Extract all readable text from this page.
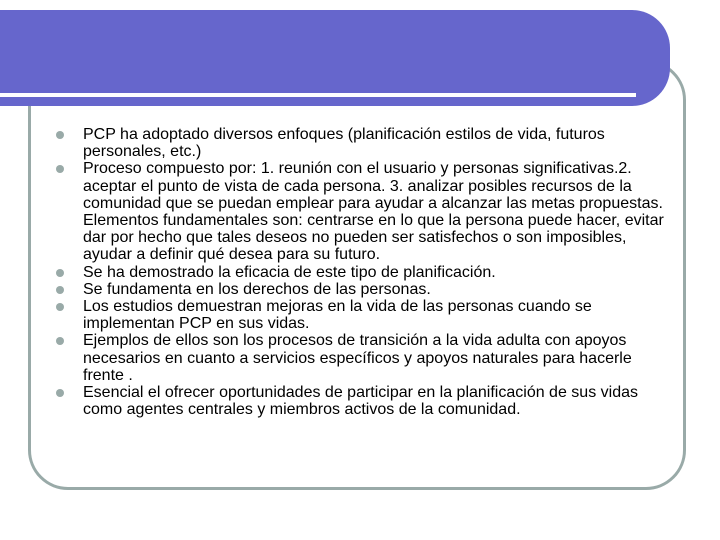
PCP ha adoptado diversos enfoques (planificación estilos de vida, futuros personales, etc.)
Proceso compuesto por: 1. reunión con el usuario y personas significativas.2. aceptar el punto de vista de cada persona. 3. analizar posibles recursos de la comunidad que se puedan emplear para ayudar a alcanzar las metas propuestas. Elementos fundamentales son: centrarse en lo que la persona puede hacer, evitar dar por hecho que tales deseos no pueden ser satisfechos o son imposibles, ayudar a definir qué desea para su futuro.
Se ha demostrado la eficacia de este tipo de planificación.
Se fundamenta en los derechos de las personas.
Los estudios demuestran mejoras en la vida de las personas cuando se implementan PCP en sus vidas.
Ejemplos de ellos son los procesos de transición a la vida adulta con apoyos necesarios en cuanto a servicios específicos y apoyos naturales para hacerle frente .
Esencial el ofrecer oportunidades de participar en la planificación de sus vidas como agentes centrales y miembros activos de la comunidad.
